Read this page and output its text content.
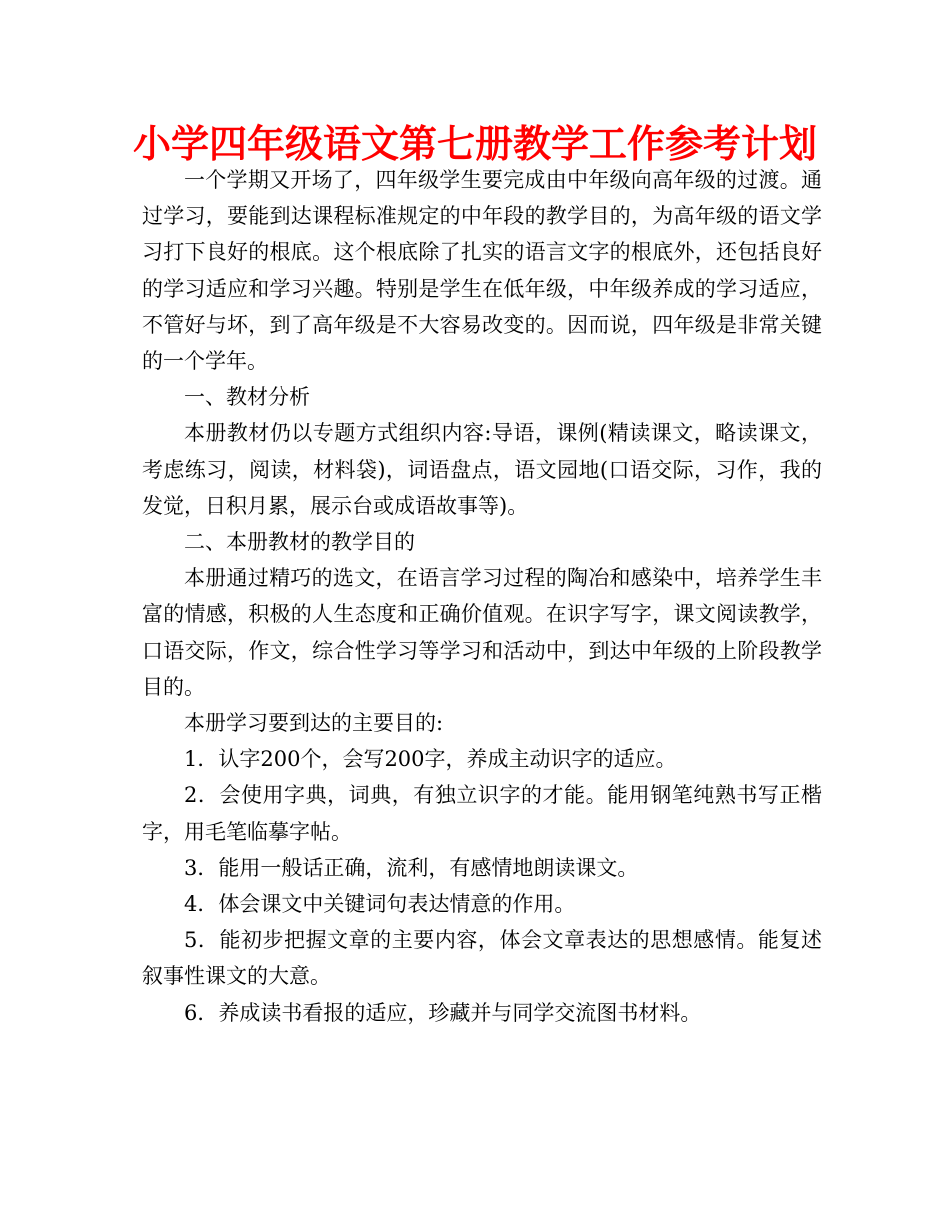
小学四年级语文第七册教学工作参考计划

一个学期又开场了，四年级学生要完成由中年级向高年级的过渡。通过学习，要能到达课程标准规定的中年段的教学目的，为高年级的语文学习打下良好的根底。这个根底除了扎实的语言文字的根底外，还包括良好的学习适应和学习兴趣。特别是学生在低年级，中年级养成的学习适应，不管好与坏，到了高年级是不大容易改变的。因而说，四年级是非常关键的一个学年。

一、教材分析

本册教材仍以专题方式组织内容:导语，课例(精读课文，略读课文，考虑练习，阅读，材料袋)，词语盘点，语文园地(口语交际，习作，我的发觉，日积月累，展示台或成语故事等)。

二、本册教材的教学目的

本册通过精巧的选文，在语言学习过程的陶冶和感染中，培养学生丰富的情感，积极的人生态度和正确价值观。在识字写字，课文阅读教学，口语交际，作文，综合性学习等学习和活动中，到达中年级的上阶段教学目的。

本册学习要到达的主要目的:

1．认字200个，会写200字，养成主动识字的适应。

2．会使用字典，词典，有独立识字的才能。能用钢笔纯熟书写正楷字，用毛笔临摹字帖。

3．能用一般话正确，流利，有感情地朗读课文。

4．体会课文中关键词句表达情意的作用。

5．能初步把握文章的主要内容，体会文章表达的思想感情。能复述叙事性课文的大意。

6．养成读书看报的适应，珍藏并与同学交流图书材料。
